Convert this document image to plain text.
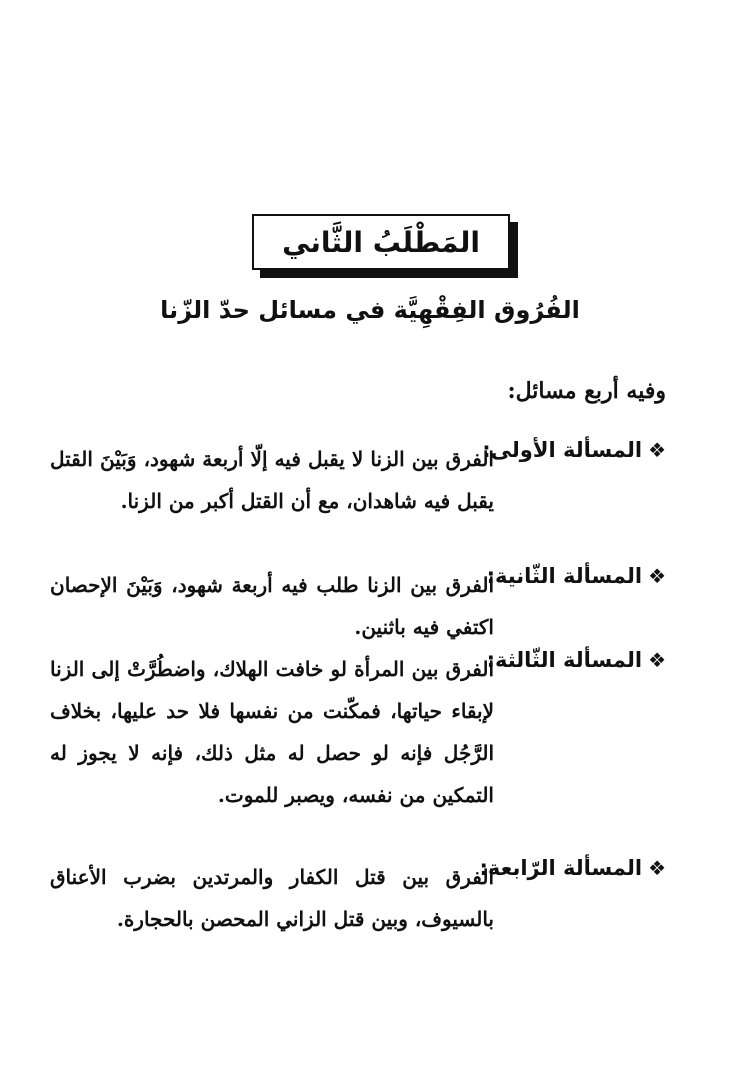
المَطْلَبُ الثَّاني
الفُرُوق الفِقْهِيَّة في مسائل حدّ الزّنا
وفيه أربع مسائل:
❖المسألة الأولى:
الفرق بين الزنا لا يقبل فيه إلّا أربعة شهود، وَبَيْنَ القتل يقبل فيه شاهدان، مع أن القتل أكبر من الزنا.
❖المسألة الثّانية:
الفرق بين الزنا طلب فيه أربعة شهود، وَبَيْنَ الإحصان اكتفي فيه باثنين.
❖المسألة الثّالثة:
الفرق بين المرأة لو خافت الهلاك، واضطُرَّتْ إلى الزنا لإبقاء حياتها، فمكّنت من نفسها فلا حد عليها، بخلاف الرَّجُل فإنه لو حصل له مثل ذلك، فإنه لا يجوز له التمكين من نفسه، ويصبر للموت.
❖المسألة الرّابعة:
الفرق بين قتل الكفار والمرتدين بضرب الأعناق بالسيوف، وبين قتل الزاني المحصن بالحجارة.
